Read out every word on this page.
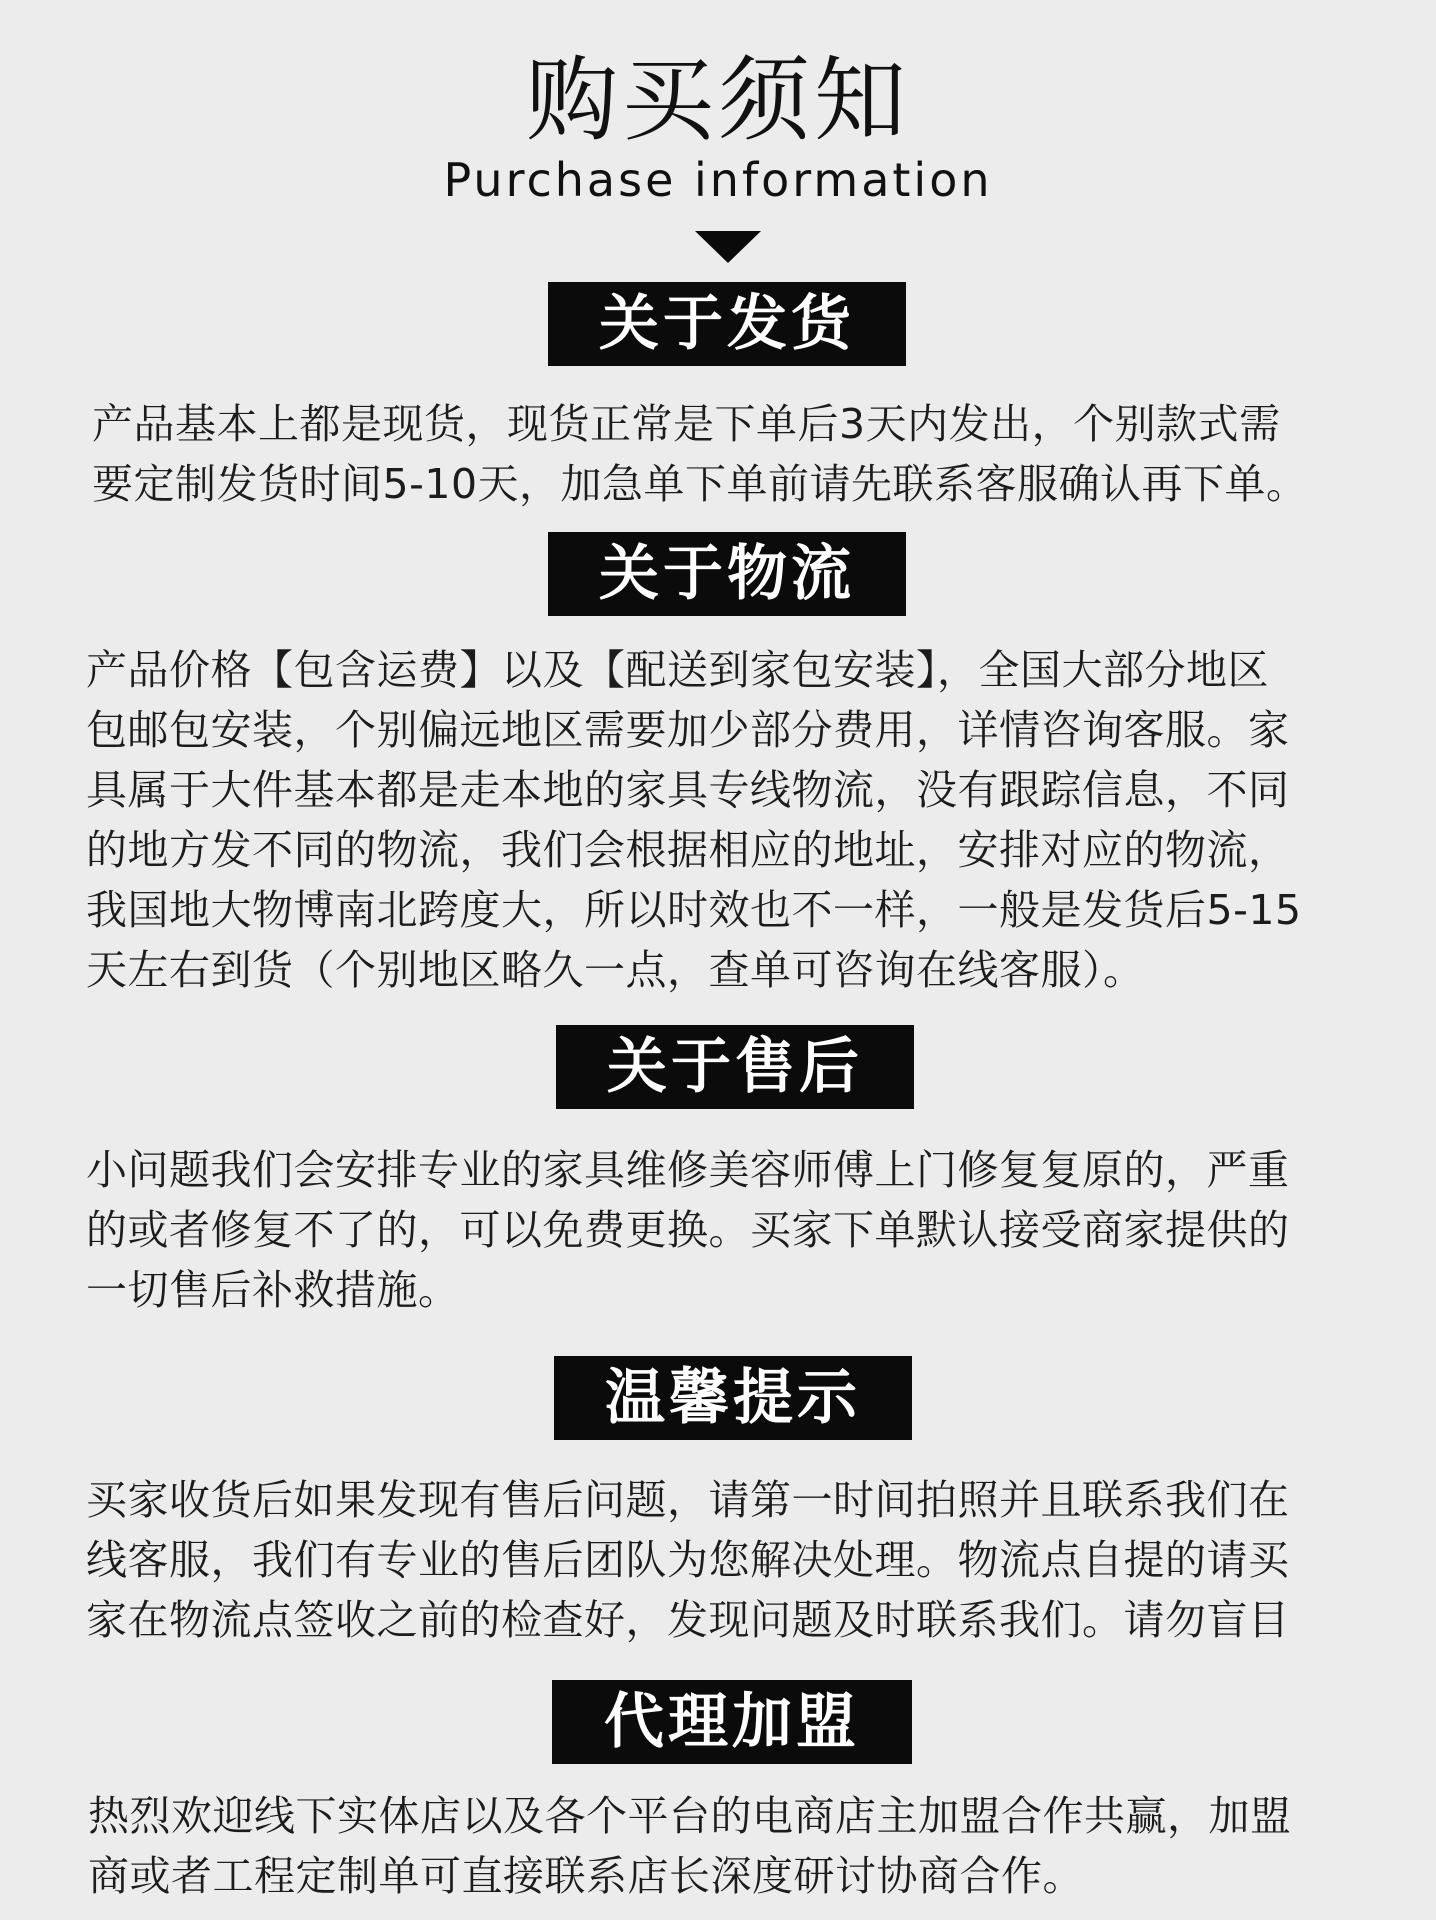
购买须知
Purchase information
关于发货
产品基本上都是现货，现货正常是下单后3天内发出，个别款式需
要定制发货时间5-10天，加急单下单前请先联系客服确认再下单。
关于物流
产品价格【包含运费】以及【配送到家包安装】，全国大部分地区
包邮包安装，个别偏远地区需要加少部分费用，详情咨询客服。家
具属于大件基本都是走本地的家具专线物流，没有跟踪信息，不同
的地方发不同的物流，我们会根据相应的地址，安排对应的物流，
我国地大物博南北跨度大，所以时效也不一样，一般是发货后5-15
天左右到货（个别地区略久一点，查单可咨询在线客服）。
关于售后
小问题我们会安排专业的家具维修美容师傅上门修复复原的，严重
的或者修复不了的，可以免费更换。买家下单默认接受商家提供的
一切售后补救措施。
温馨提示
买家收货后如果发现有售后问题，请第一时间拍照并且联系我们在
线客服，我们有专业的售后团队为您解决处理。物流点自提的请买
家在物流点签收之前的检查好，发现问题及时联系我们。请勿盲目
代理加盟
热烈欢迎线下实体店以及各个平台的电商店主加盟合作共赢，加盟
商或者工程定制单可直接联系店长深度研讨协商合作。
